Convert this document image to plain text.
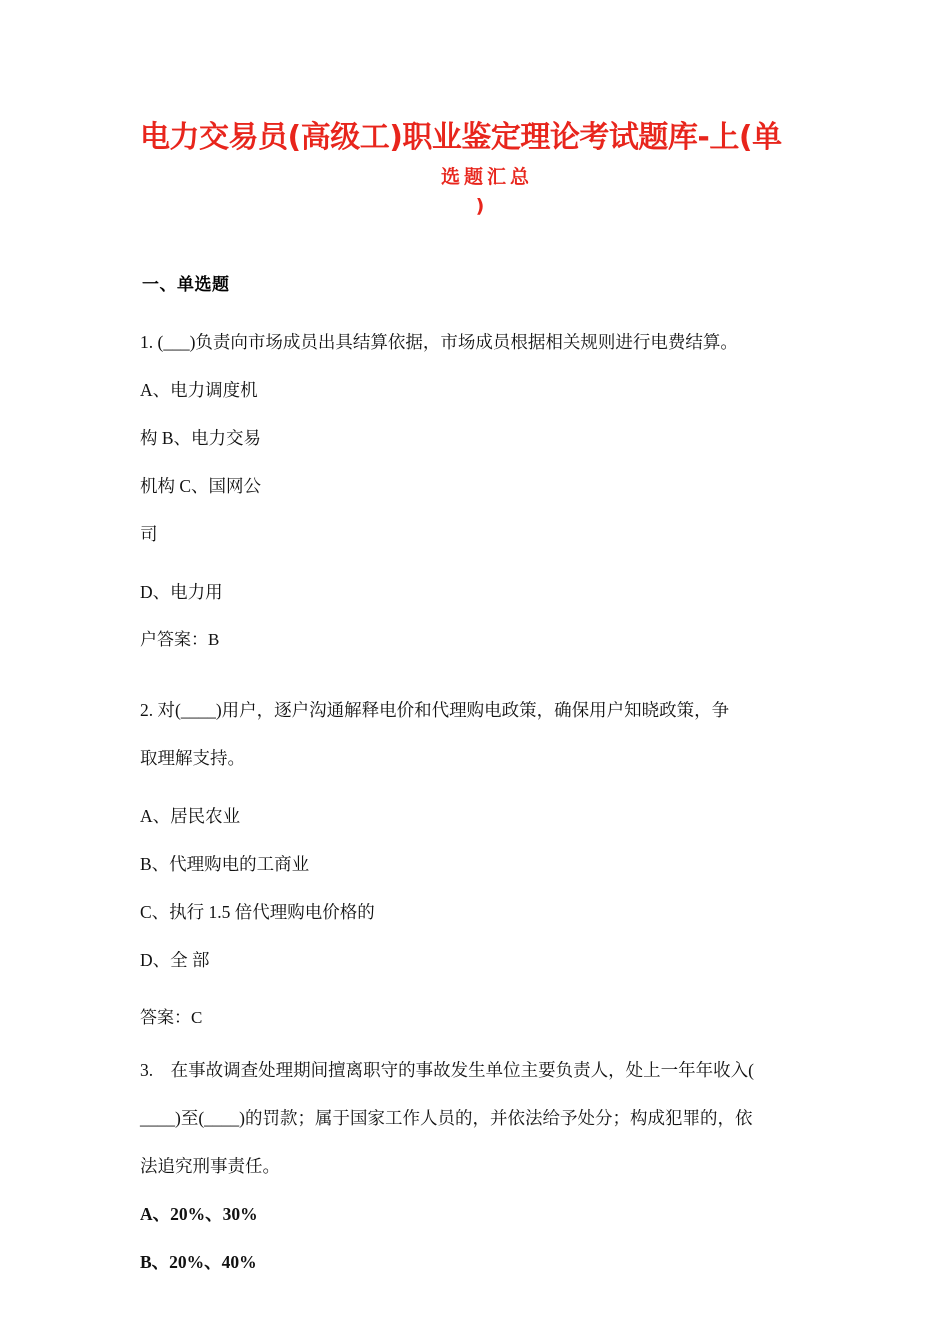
电力交易员(高级工)职业鉴定理论考试题库-上(单
选题汇总
)
一、单选题

1. (___)负责向市场成员出具结算依据，市场成员根据相关规则进行电费结算。

A、电力调度机

构 B、电力交易

机构 C、国网公

司

D、电力用

户答案：B

2. 对(____)用户，逐户沟通解释电价和代理购电政策，确保用户知晓政策，争

取理解支持。

A、居民农业

B、代理购电的工商业

C、执行 1.5 倍代理购电价格的

D、全 部

答案：C

3.    在事故调查处理期间擅离职守的事故发生单位主要负责人，处上一年年收入(

____)至(____)的罚款；属于国家工作人员的，并依法给予处分；构成犯罪的，依

法追究刑事责任。

A、20%、30%

B、20%、40%
